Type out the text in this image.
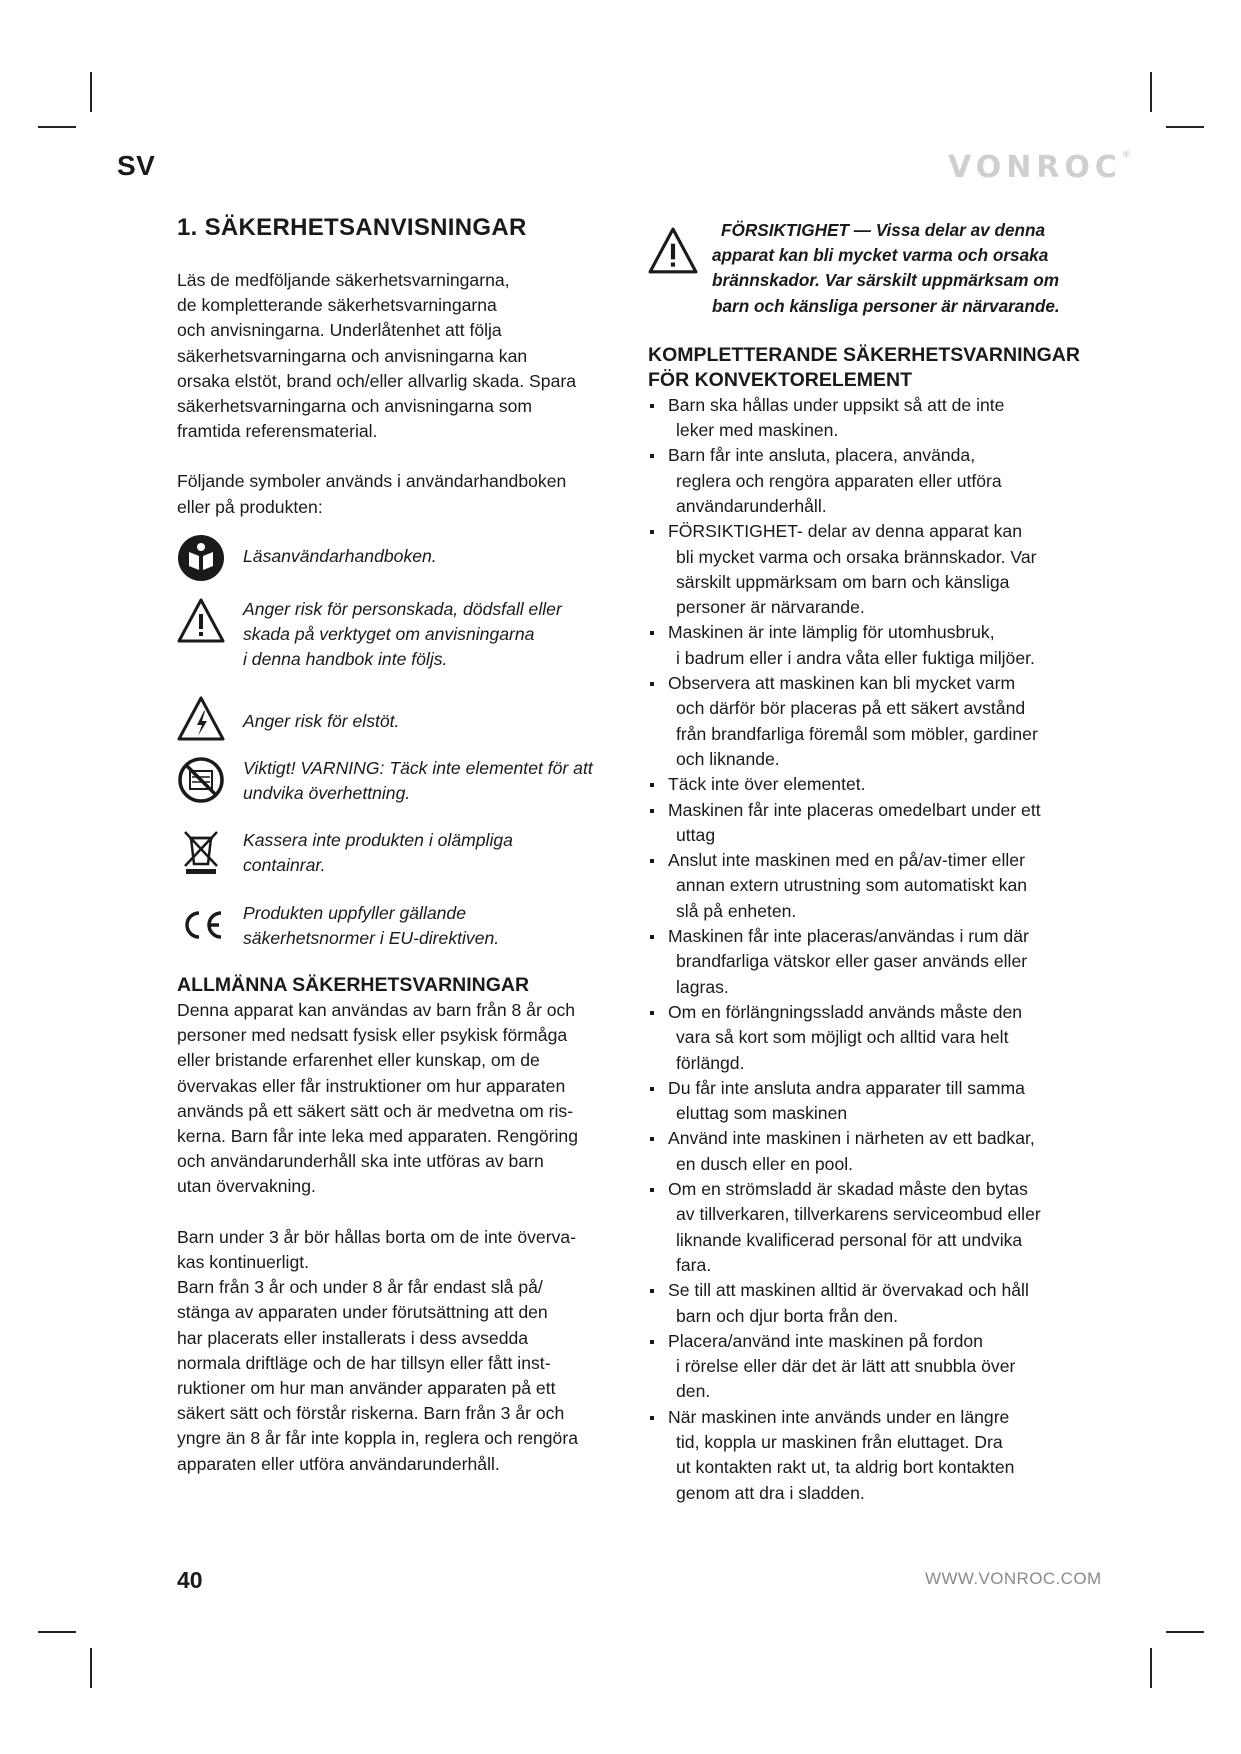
SV	VONROC®
1. SÄKERHETSANVISNINGAR

Läs de medföljande säkerhetsvarningarna,

de kompletterande säkerhetsvarningarna

och anvisningarna. Underlåtenhet att följa

säkerhetsvarningarna och anvisningarna kan

orsaka elstöt, brand och/eller allvarlig skada. Spara

säkerhetsvarningarna och anvisningarna som

framtida referensmaterial.

Följande symboler används i användarhandboken

eller på produkten:

Läsanvändarhandboken.

Anger risk för personskada, dödsfall eller

skada på verktyget om anvisningarna

i denna handbok inte följs.

Anger risk för elstöt.

Viktigt! VARNING: Täck inte elementet för att

undvika överhettning.

Kassera inte produkten i olämpliga

containrar.

Produkten uppfyller gällande

säkerhetsnormer i EU-direktiven.

ALLMÄNNA SÄKERHETSVARNINGAR

Denna apparat kan användas av barn från 8 år och

personer med nedsatt fysisk eller psykisk förmåga

eller bristande erfarenhet eller kunskap, om de

övervakas eller får instruktioner om hur apparaten

används på ett säkert sätt och är medvetna om ris-

kerna. Barn får inte leka med apparaten. Rengöring

och användarunderhåll ska inte utföras av barn

utan övervakning.

Barn under 3 år bör hållas borta om de inte överva-

kas kontinuerligt.

Barn från 3 år och under 8 år får endast slå på/

stänga av apparaten under förutsättning att den

har placerats eller installerats i dess avsedda

normala driftläge och de har tillsyn eller fått inst-

ruktioner om hur man använder apparaten på ett

säkert sätt och förstår riskerna. Barn från 3 år och

yngre än 8 år får inte koppla in, reglera och rengöra

apparaten eller utföra användarunderhåll.

FÖRSIKTIGHET — Vissa delar av denna

apparat kan bli mycket varma och orsaka

brännskador. Var särskilt uppmärksam om

barn och känsliga personer är närvarande.

KOMPLETTERANDE SÄKERHETSVARNINGAR
FÖR KONVEKTORELEMENT
Barn ska hållas under uppsikt så att de inte
leker med maskinen.
Barn får inte ansluta, placera, använda,
reglera och rengöra apparaten eller utföra
användarunderhåll.
FÖRSIKTIGHET- delar av denna apparat kan
bli mycket varma och orsaka brännskador. Var
särskilt uppmärksam om barn och känsliga
personer är närvarande.
Maskinen är inte lämplig för utomhusbruk,
i badrum eller i andra våta eller fuktiga miljöer.
Observera att maskinen kan bli mycket varm
och därför bör placeras på ett säkert avstånd
från brandfarliga föremål som möbler, gardiner
och liknande.
Täck inte över elementet.
Maskinen får inte placeras omedelbart under ett
uttag
Anslut inte maskinen med en på/av-timer eller
annan extern utrustning som automatiskt kan
slå på enheten.
Maskinen får inte placeras/användas i rum där
brandfarliga vätskor eller gaser används eller
lagras.
Om en förlängningssladd används måste den
vara så kort som möjligt och alltid vara helt
förlängd.
Du får inte ansluta andra apparater till samma
eluttag som maskinen
Använd inte maskinen i närheten av ett badkar,
en dusch eller en pool.
Om en strömsladd är skadad måste den bytas
av tillverkaren, tillverkarens serviceombud eller
liknande kvalificerad personal för att undvika
fara.
Se till att maskinen alltid är övervakad och håll
barn och djur borta från den.
Placera/använd inte maskinen på fordon
i rörelse eller där det är lätt att snubbla över
den.
När maskinen inte används under en längre
tid, koppla ur maskinen från eluttaget. Dra
ut kontakten rakt ut, ta aldrig bort kontakten
genom att dra i sladden.
40	WWW.VONROC.COM
